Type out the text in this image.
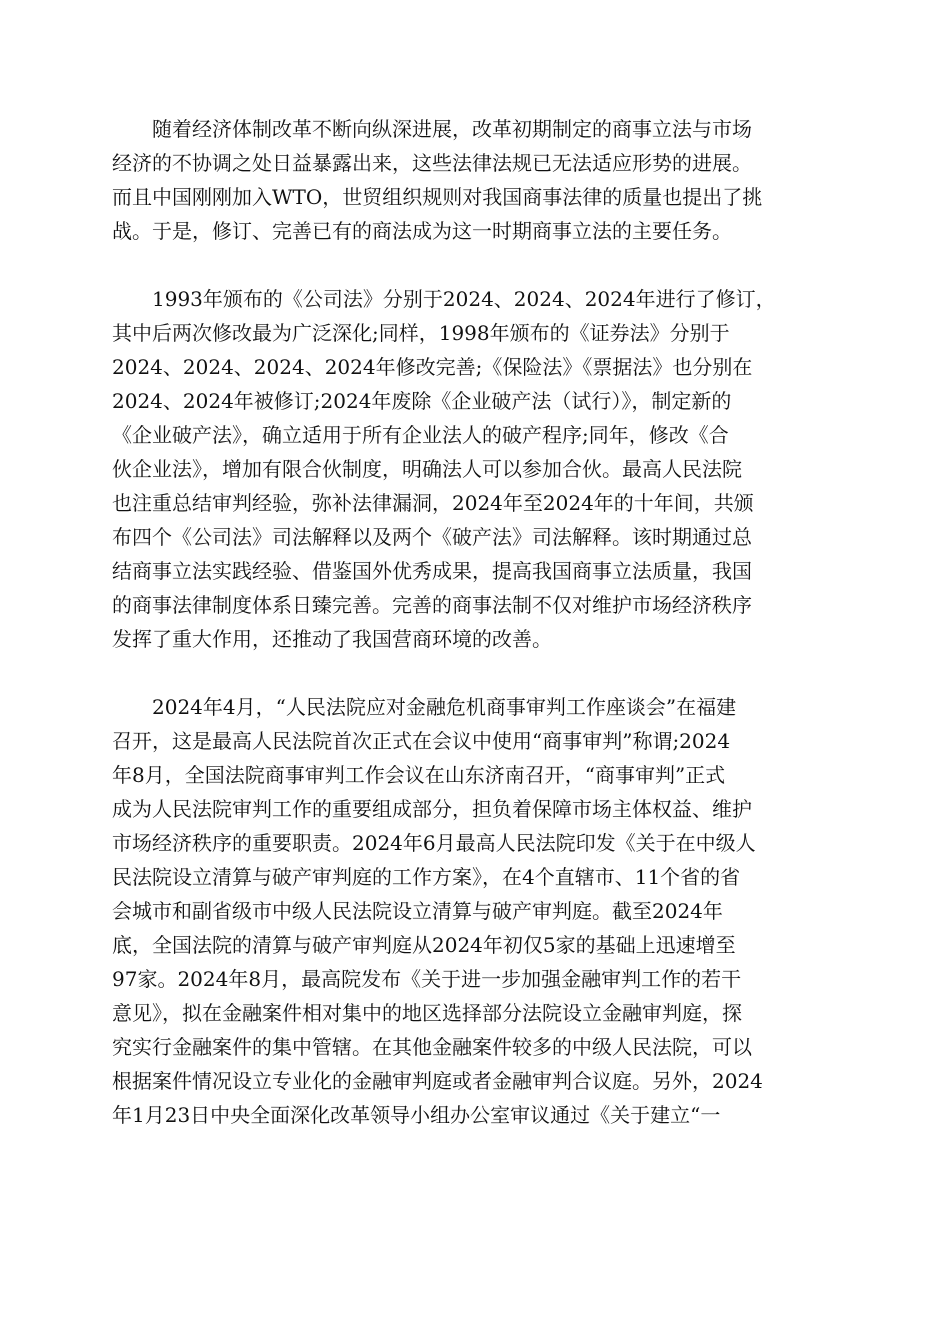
　　随着经济体制改革不断向纵深进展，改革初期制定的商事立法与市场
经济的不协调之处日益暴露出来，这些法律法规已无法适应形势的进展。
而且中国刚刚加入WTO，世贸组织规则对我国商事法律的质量也提出了挑
战。于是，修订、完善已有的商法成为这一时期商事立法的主要任务。

　　1993年颁布的《公司法》分别于2024、2024、2024年进行了修订，
其中后两次修改最为广泛深化;同样，1998年颁布的《证券法》分别于
2024、2024、2024、2024年修改完善;《保险法》《票据法》也分别在
2024、2024年被修订;2024年废除《企业破产法（试行）》，制定新的
《企业破产法》，确立适用于所有企业法人的破产程序;同年，修改《合
伙企业法》，增加有限合伙制度，明确法人可以参加合伙。最高人民法院
也注重总结审判经验，弥补法律漏洞，2024年至2024年的十年间，共颁
布四个《公司法》司法解释以及两个《破产法》司法解释。该时期通过总
结商事立法实践经验、借鉴国外优秀成果，提高我国商事立法质量，我国
的商事法律制度体系日臻完善。完善的商事法制不仅对维护市场经济秩序
发挥了重大作用，还推动了我国营商环境的改善。

　　2024年4月，“人民法院应对金融危机商事审判工作座谈会”在福建
召开，这是最高人民法院首次正式在会议中使用“商事审判”称谓;2024
年8月，全国法院商事审判工作会议在山东济南召开，“商事审判”正式
成为人民法院审判工作的重要组成部分，担负着保障市场主体权益、维护
市场经济秩序的重要职责。2024年6月最高人民法院印发《关于在中级人
民法院设立清算与破产审判庭的工作方案》，在4个直辖市、11个省的省
会城市和副省级市中级人民法院设立清算与破产审判庭。截至2024年
底，全国法院的清算与破产审判庭从2024年初仅5家的基础上迅速增至
97家。2024年8月，最高院发布《关于进一步加强金融审判工作的若干
意见》，拟在金融案件相对集中的地区选择部分法院设立金融审判庭，探
究实行金融案件的集中管辖。在其他金融案件较多的中级人民法院，可以
根据案件情况设立专业化的金融审判庭或者金融审判合议庭。另外，2024
年1月23日中央全面深化改革领导小组办公室审议通过《关于建立“一
